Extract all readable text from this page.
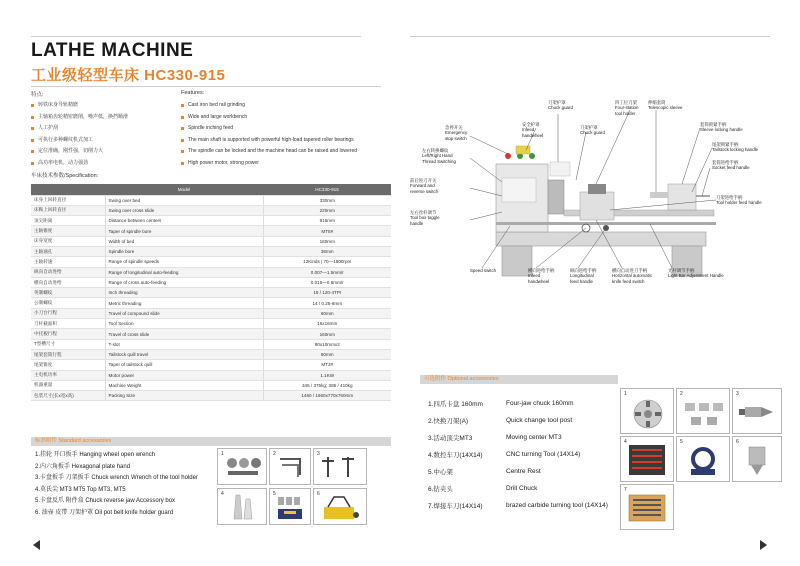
LATHE MACHINE
工业级轻型车床 HC330-915
特点:	Features:
铸铁床身导轨精磨
主轴箱齿轮精密磨削，噪声低，换挡顺滑
人工护刮
可执行多种螺纹机式加工
定位准确，刚性强，切削力大
高功率电机，动力强劲
Cast iron bed rail grinding
Wide and large workbench
Spindle inching feed
The main shaft is supported with powerful high-load tapered roller bearings
The spindle can be locked and the machine head can be raised and lowered
High power motor, strong power
车床技术参数/Specification:
	Model	HC330-915
床身上回转直径	Swing over bed	330mm
床鞍上回转直径	Swing over cross slide	220mm
顶尖距离	Distance between centers	915mm
主轴锥度	Taper of spindle bore	MT5#
床身宽度	Width of bed	160mm
主轴通孔	Spindle bore	38mm
主轴转速	Range of spindle speeds	12Kinds | 70—1800rpm
纵向自动进给	Range of longitudinal auto-feeding	0.007—1.5mm/r
横向自动进给	Range of cross auto-feeding	0.015—0.6mm/r
英制螺纹	Inch threading	18 / 120-4TPI
公制螺纹	Metric threading	14 / 0.25-6mm
小刀台行程	Travel of compound slide	60mm
刀杆截面积	Tool Section	16x16mm
中托板行程	Travel of cross slide	160mm
T型槽尺寸	T-slot	90x10mmx2
尾架套筒行程	Tailstock quill travel	80mm
尾架锥度	Taper of tailstock quill	MT3#
主电机功率	Motor power	1.1KW
机器重量	Machine Weight	345 / 375kg; 385 / 410kg
包装尺寸(长x宽x高)	Packing Size	1460 / 1660x770x760mm
标准附件 Standard accessories
1.挂轮 开口扳手 Hanging wheel open wrench
2.内六角扳手 Hexagonal plate hand
3.卡盘扳手 刀架扳手 Chuck wrench Wrench of the tool holder
4.莫氏尖 MT3 MT5 Top MT3, MT5
5.卡盘反爪 附件盒 Chuck reverse jaw Accessory box
6. 油壶 皮带 刀架护罩 Oil pot belt knife holder guard
1	2	3
4	5	6
急停开关
Emergency
stop switch
安全护罩
Infeed
handwheel
刀架护罩
Chuck guard
刀架护罩
Chuck guard
四工位刀架
Four-station
tool holder
伸缩套筒
Telescopic sleeve
套筒锁紧手柄
Sleeve locking handle
尾架锁紧手柄
Tailstock locking handle
套筒进给手柄
Socket feed handle
左右转换螺纹
Left/Right Hand
Thread Switching
前后进刀开关
Forward and
reverse switch
左右丝杆调节
Tool box toggle
handle
刀架进给手柄
Tool holder feed handle
Speed switch	横向进给手柄
Infeed
handwheel
纵向进给手柄
Longitudinal
feed handle
横向自动进刀手柄
Horizontal automatic
knife feed switch
光杆调节手柄
Light Bar Adjustment Handle
可选附件 Optional accessories
1.四爪卡盘 160mm	Four-jaw chuck 160mm
2.快换刀架(A)	Quick change tool post
3.活动顶尖MT3	Moving center MT3
4.数控车刀(14X14)	CNC turning Tool (14X14)
5.中心架	Centre Rest
6.钻夹头	Drill Chuck
7.焊接车刀(14X14)	brazed carbide turning tool (14X14)
1	2	3
4	5	6
7
